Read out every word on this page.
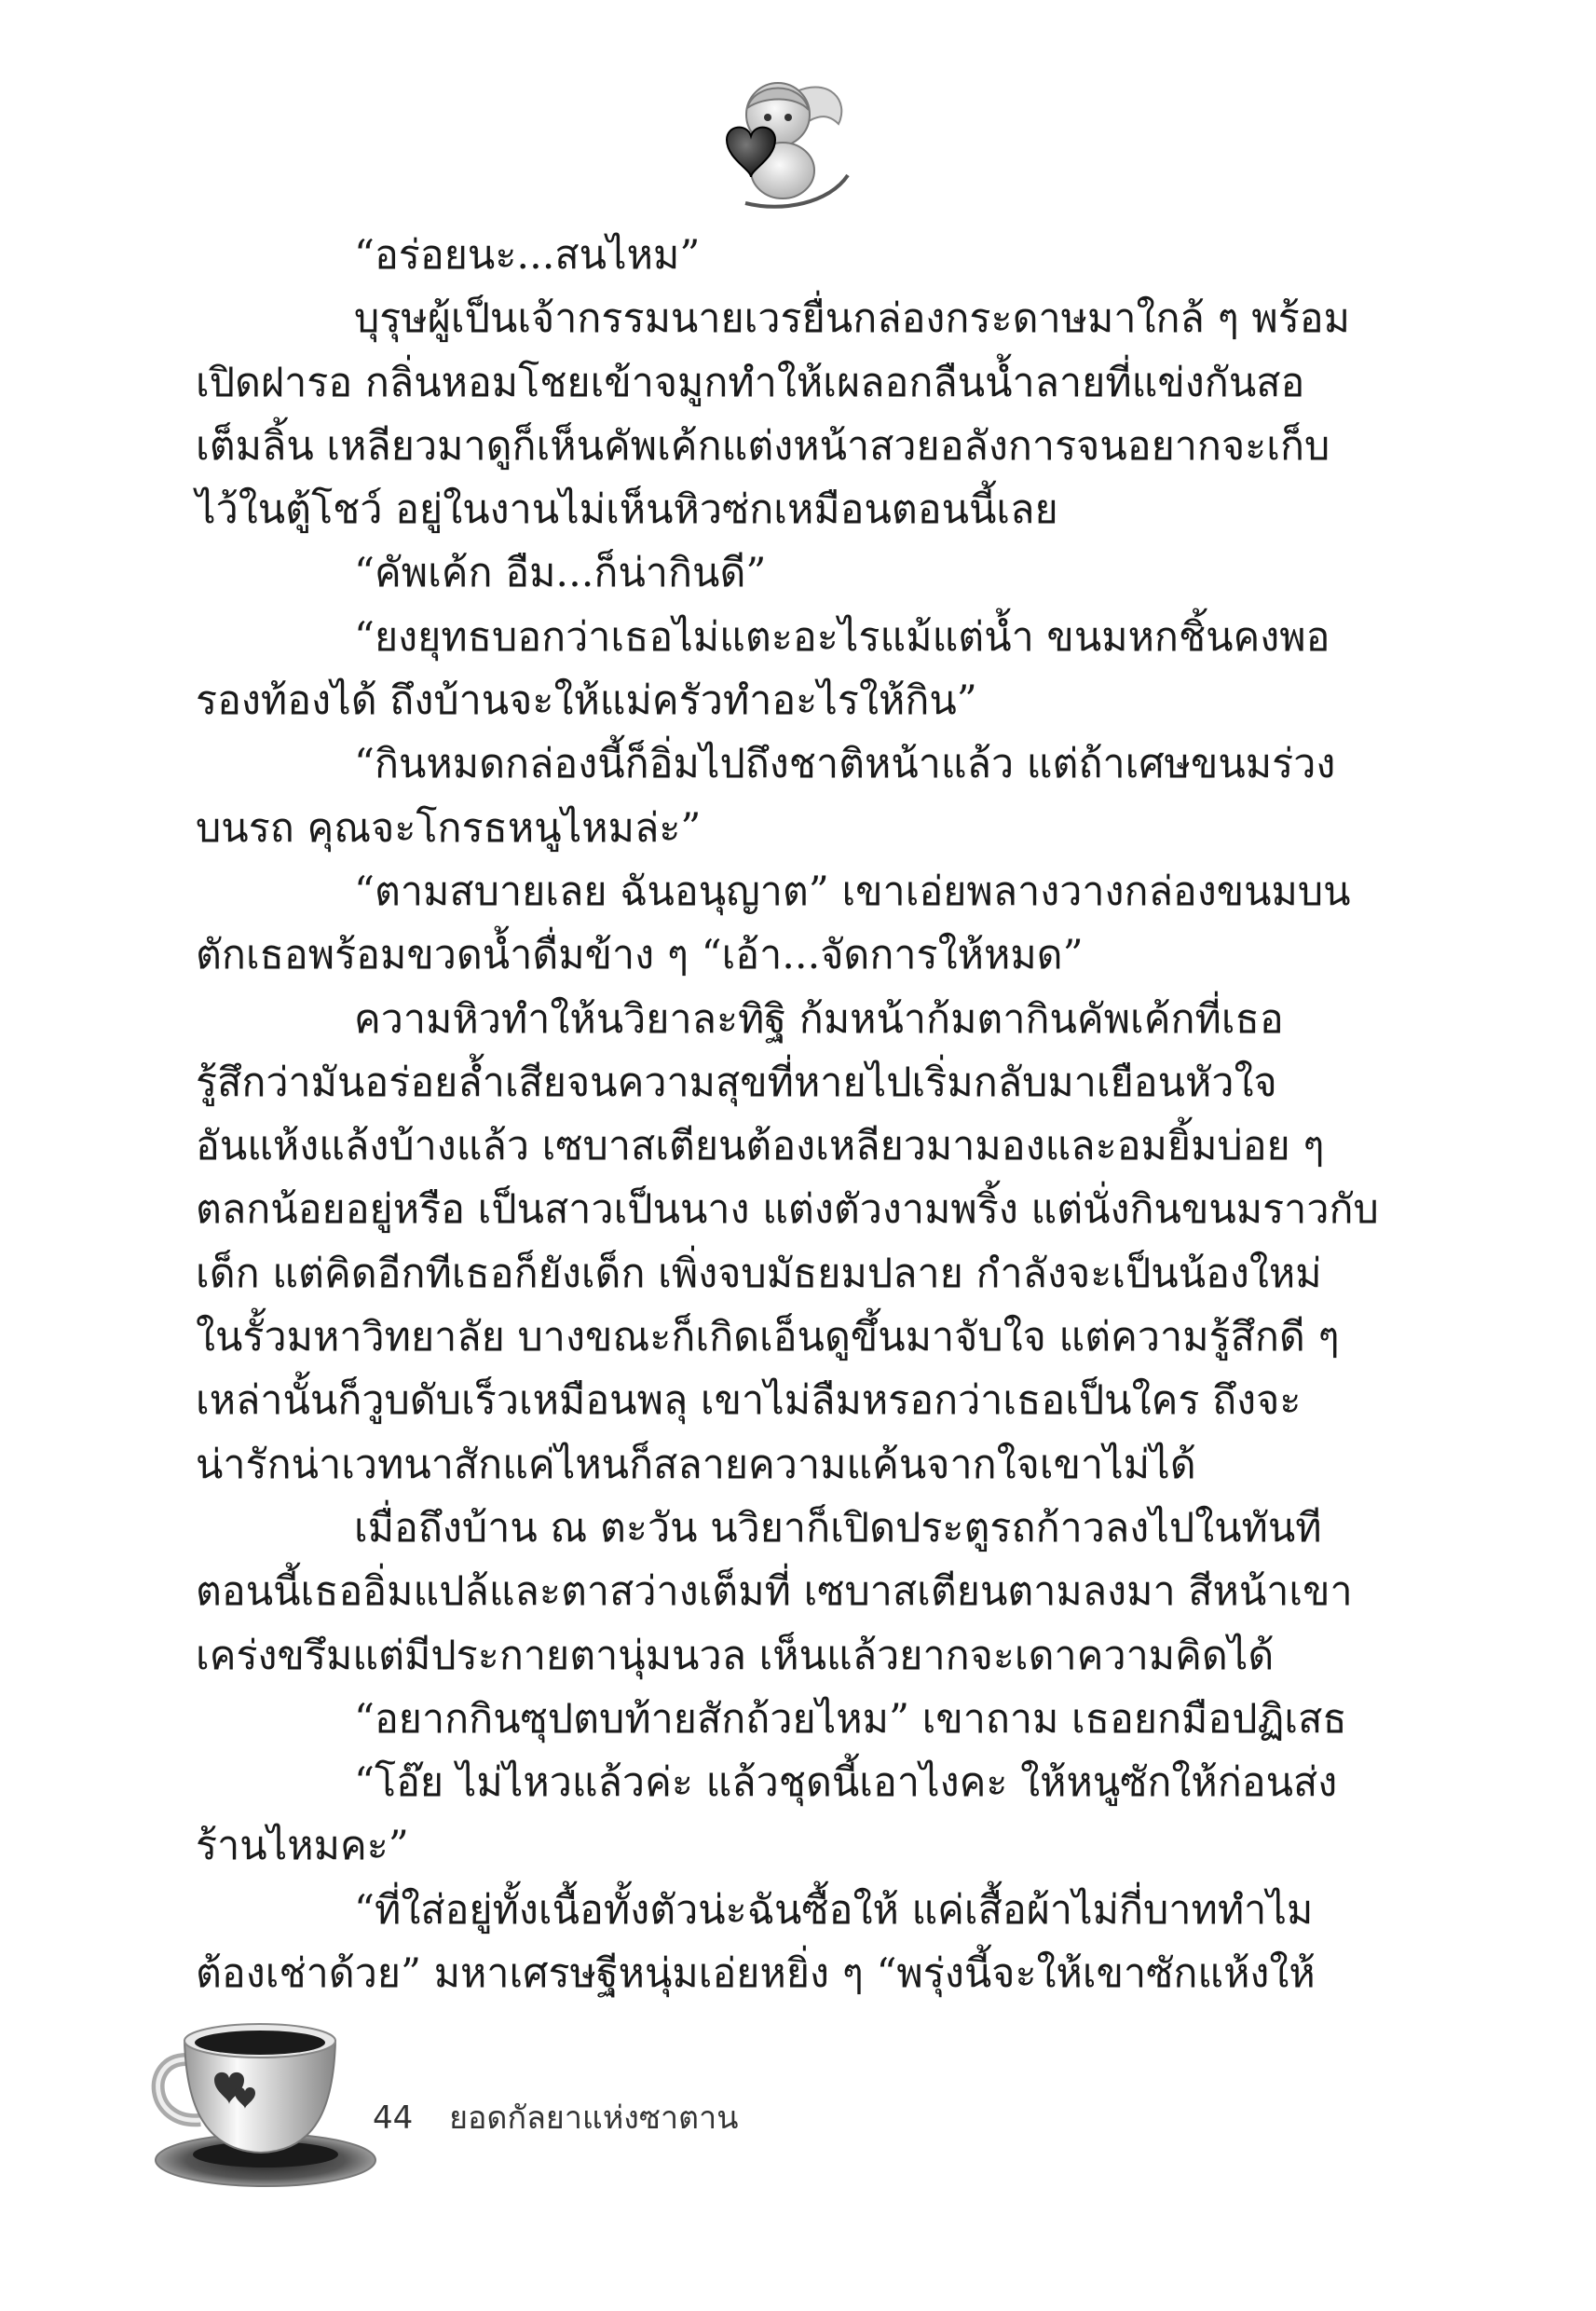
“อร่อยนะ...สนไหม”
บุรุษผู้เป็นเจ้ากรรมนายเวรยื่นกล่องกระดาษมาใกล้ ๆ พร้อม
เปิดฝารอ กลิ่นหอมโชยเข้าจมูกทำให้เผลอกลืนน้ำลายที่แข่งกันสอ
เต็มลิ้น เหลียวมาดูก็เห็นคัพเค้กแต่งหน้าสวยอลังการจนอยากจะเก็บ
ไว้ในตู้โชว์ อยู่ในงานไม่เห็นหิวซ่กเหมือนตอนนี้เลย
“คัพเค้ก อืม...ก็น่ากินดี”
“ยงยุทธบอกว่าเธอไม่แตะอะไรแม้แต่น้ำ ขนมหกชิ้นคงพอ
รองท้องได้ ถึงบ้านจะให้แม่ครัวทำอะไรให้กิน”
“กินหมดกล่องนี้ก็อิ่มไปถึงชาติหน้าแล้ว แต่ถ้าเศษขนมร่วง
บนรถ คุณจะโกรธหนูไหมล่ะ”
“ตามสบายเลย ฉันอนุญาต” เขาเอ่ยพลางวางกล่องขนมบน
ตักเธอพร้อมขวดน้ำดื่มข้าง ๆ “เอ้า...จัดการให้หมด”
ความหิวทำให้นวิยาละทิฐิ ก้มหน้าก้มตากินคัพเค้กที่เธอ
รู้สึกว่ามันอร่อยล้ำเสียจนความสุขที่หายไปเริ่มกลับมาเยือนหัวใจ
อันแห้งแล้งบ้างแล้ว เซบาสเตียนต้องเหลียวมามองและอมยิ้มบ่อย ๆ
ตลกน้อยอยู่หรือ เป็นสาวเป็นนาง แต่งตัวงามพริ้ง แต่นั่งกินขนมราวกับ
เด็ก แต่คิดอีกทีเธอก็ยังเด็ก เพิ่งจบมัธยมปลาย กำลังจะเป็นน้องใหม่
ในรั้วมหาวิทยาลัย บางขณะก็เกิดเอ็นดูขึ้นมาจับใจ แต่ความรู้สึกดี ๆ
เหล่านั้นก็วูบดับเร็วเหมือนพลุ เขาไม่ลืมหรอกว่าเธอเป็นใคร ถึงจะ
น่ารักน่าเวทนาสักแค่ไหนก็สลายความแค้นจากใจเขาไม่ได้
เมื่อถึงบ้าน ณ ตะวัน นวิยาก็เปิดประตูรถก้าวลงไปในทันที
ตอนนี้เธออิ่มแปล้และตาสว่างเต็มที่ เซบาสเตียนตามลงมา สีหน้าเขา
เคร่งขรึมแต่มีประกายตานุ่มนวล เห็นแล้วยากจะเดาความคิดได้
“อยากกินซุปตบท้ายสักถ้วยไหม” เขาถาม เธอยกมือปฏิเสธ
“โอ๊ย ไม่ไหวแล้วค่ะ แล้วชุดนี้เอาไงคะ ให้หนูซักให้ก่อนส่ง
ร้านไหมคะ”
“ที่ใส่อยู่ทั้งเนื้อทั้งตัวน่ะฉันซื้อให้ แค่เสื้อผ้าไม่กี่บาททำไม
ต้องเช่าด้วย” มหาเศรษฐีหนุ่มเอ่ยหยิ่ง ๆ “พรุ่งนี้จะให้เขาซักแห้งให้
44 ยอดกัลยาแห่งซาตาน
